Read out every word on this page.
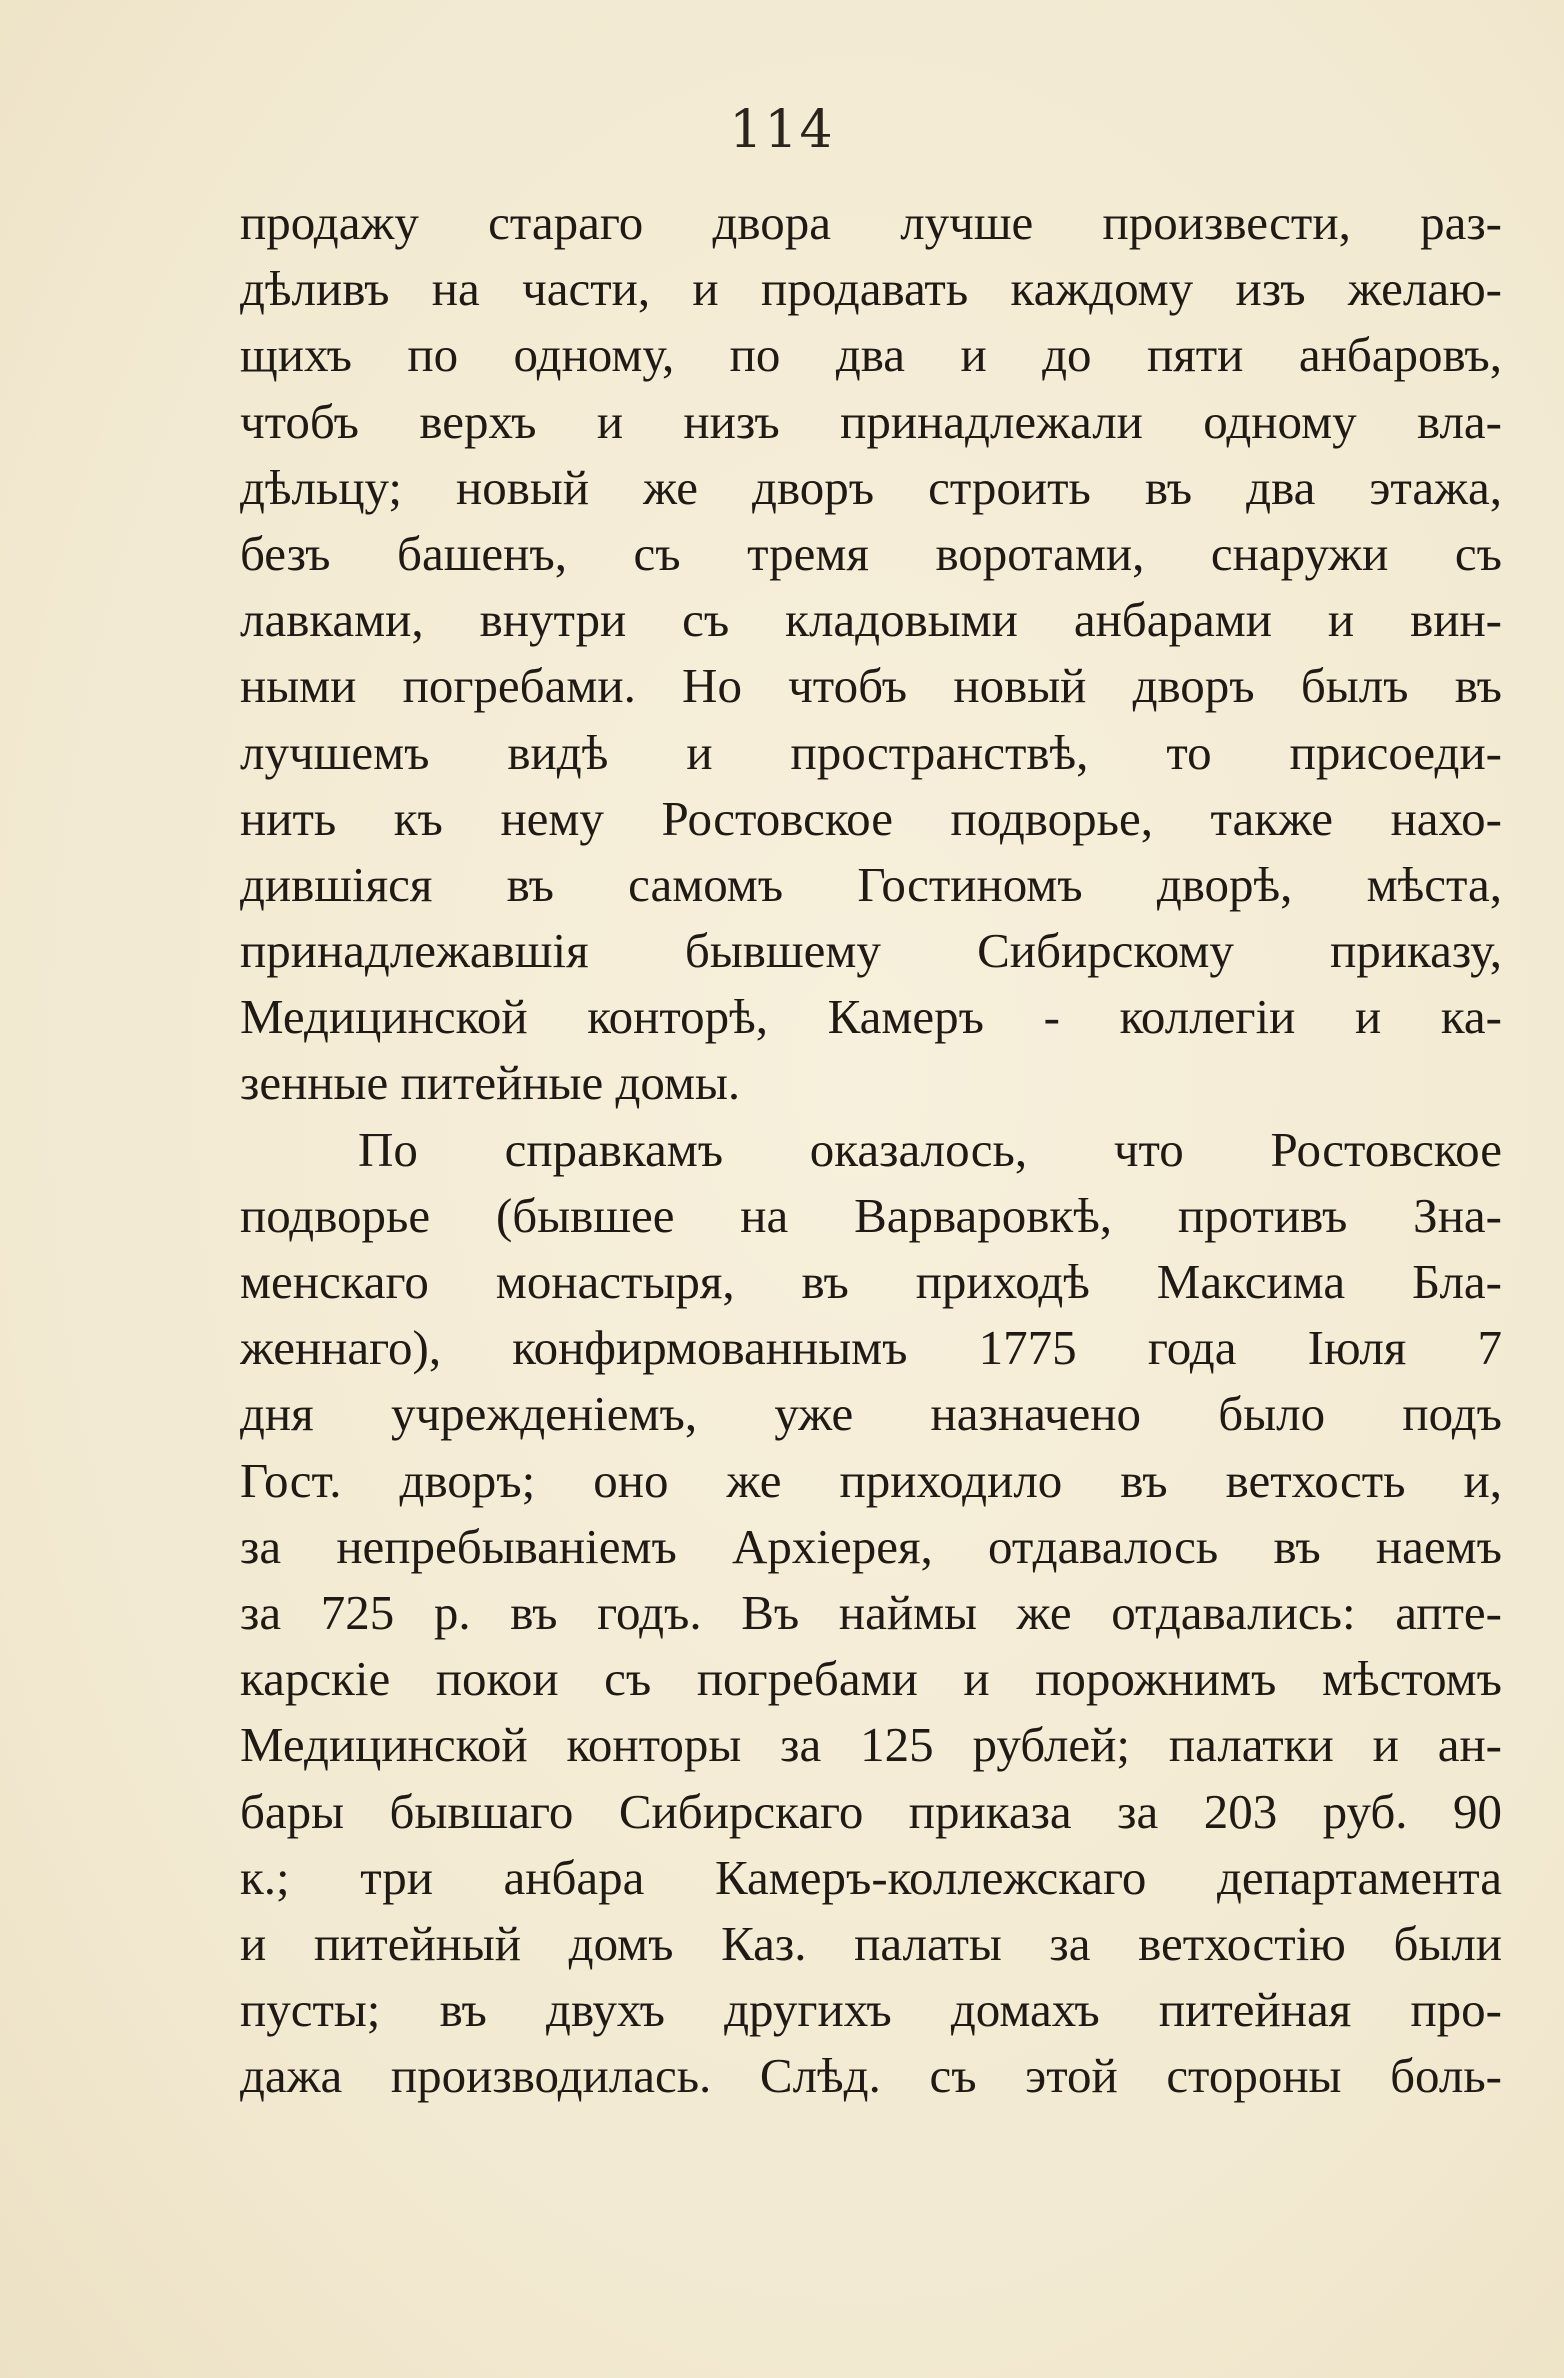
114
продажу стараго двора лучше произвести, раз-
дѣливъ на части, и продавать каждому изъ желаю-
щихъ по одному, по два и до пяти анбаровъ,
чтобъ верхъ и низъ принадлежали одному вла-
дѣльцу; новый же дворъ строить въ два этажа,
безъ башенъ, съ тремя воротами, снаружи съ
лавками, внутри съ кладовыми анбарами и вин-
ными погребами. Но чтобъ новый дворъ былъ въ
лучшемъ видѣ и пространствѣ, то присоеди-
нить къ нему Ростовское подворье, также нахо-
дившiяся въ самомъ Гостиномъ дворѣ, мѣста,
принадлежавшiя бывшему Сибирскому приказу,
Медицинской конторѣ, Камеръ - коллегiи и ка-
зенные питейные домы.
По справкамъ оказалось, что Ростовское
подворье (бывшее на Варваровкѣ, противъ Зна-
менскаго монастыря, въ приходѣ Максима Бла-
женнаго), конфирмованнымъ 1775 года Iюля 7
дня учрежденiемъ, уже назначено было подъ
Гост. дворъ; оно же приходило въ ветхость и,
за непребыванiемъ Архiерея, отдавалось въ наемъ
за 725 р. въ годъ. Въ наймы же отдавались: апте-
карскiе покои съ погребами и порожнимъ мѣстомъ
Медицинской конторы за 125 рублей; палатки и ан-
бары бывшаго Сибирскаго приказа за 203 руб. 90
к.; три анбара Камеръ-коллежскаго департамента
и питейный домъ Каз. палаты за ветхостiю были
пусты; въ двухъ другихъ домахъ питейная про-
дажа производилась. Слѣд. съ этой стороны боль-
